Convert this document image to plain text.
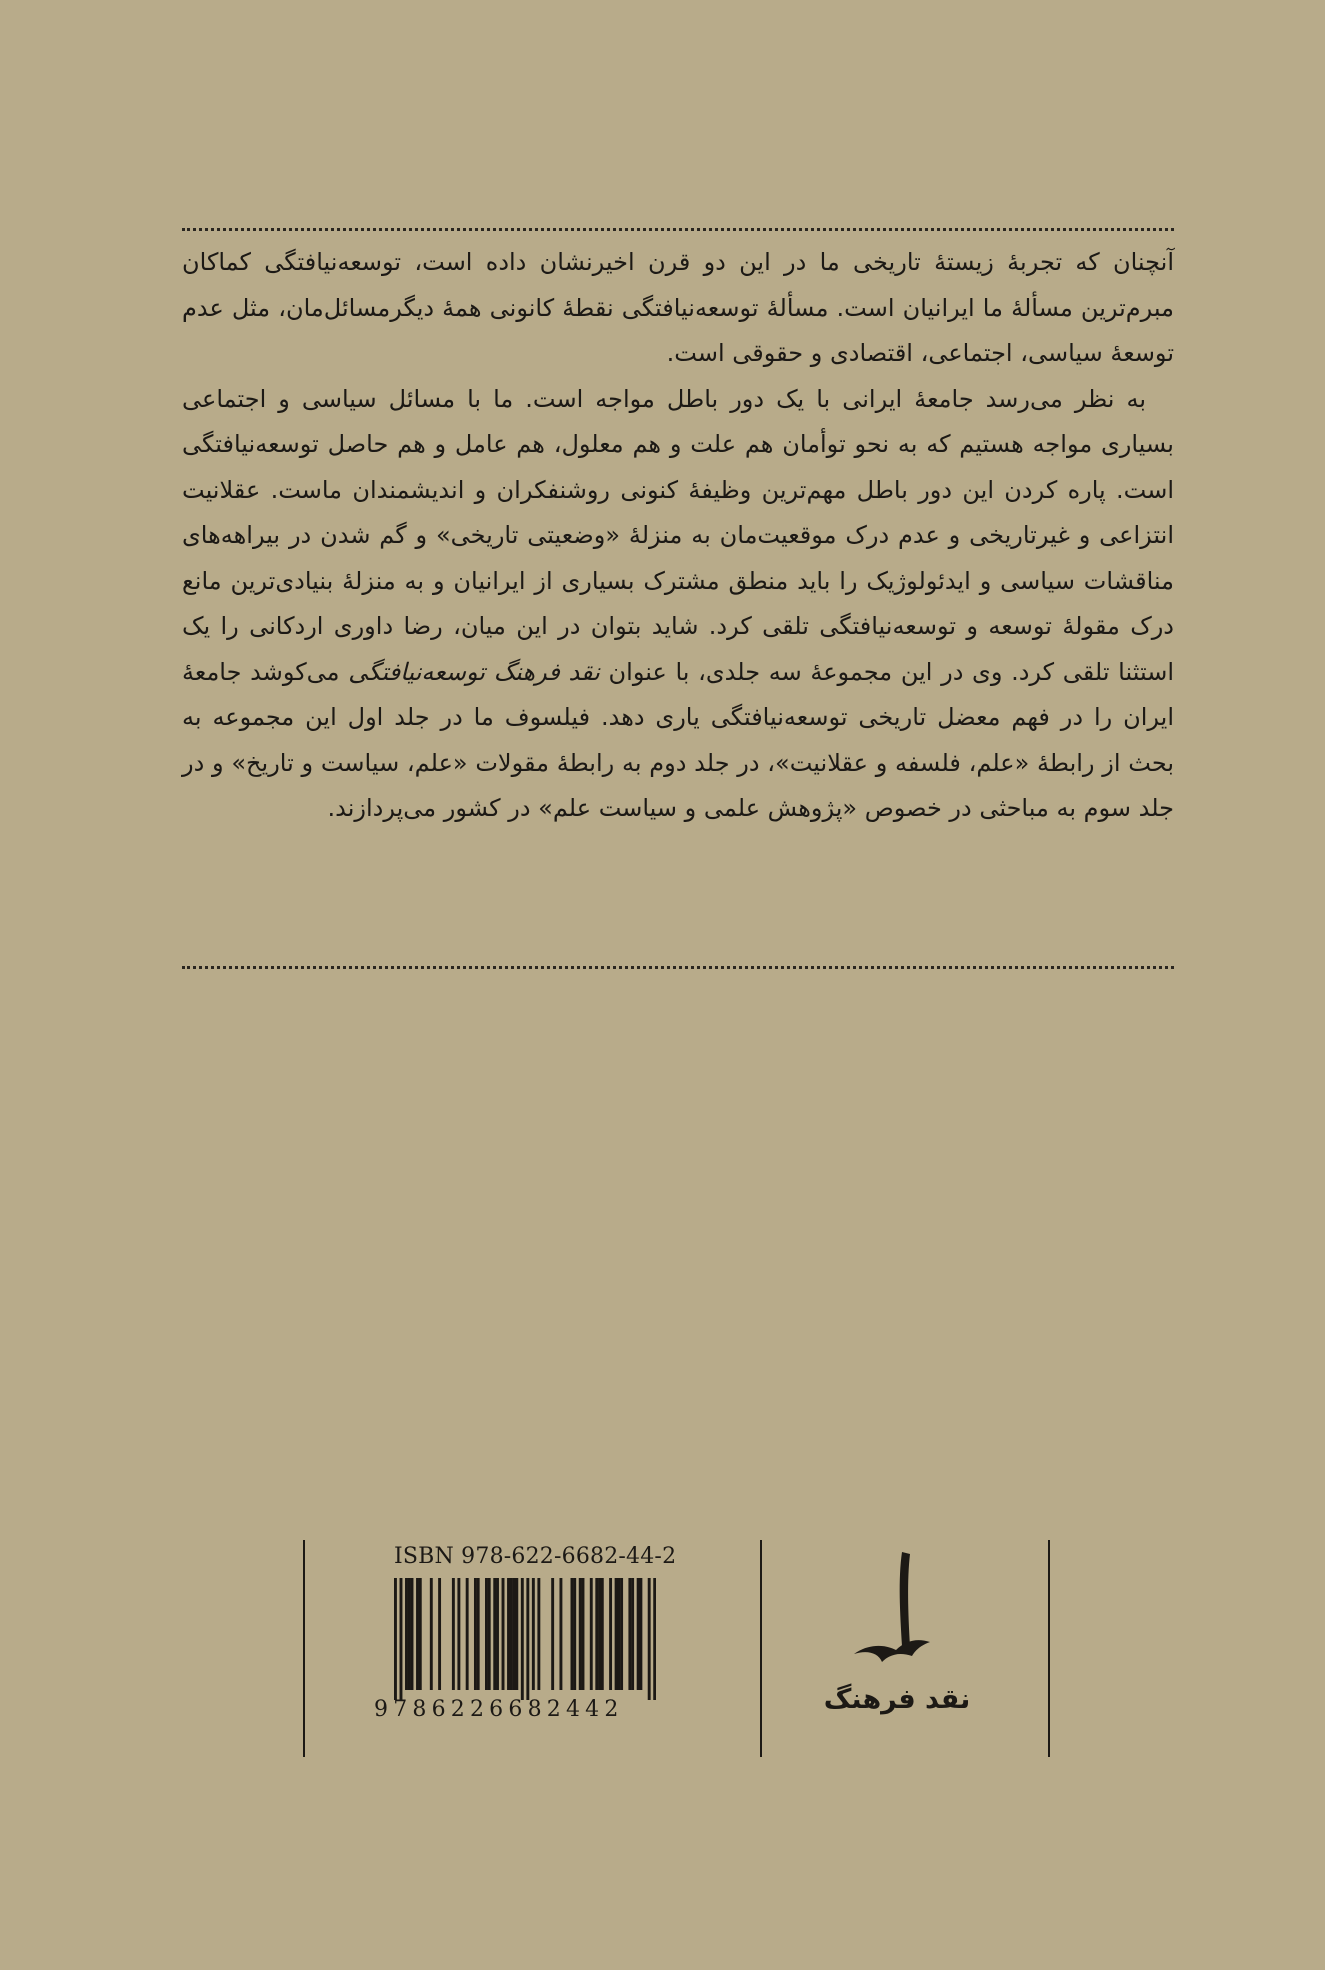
آنچنان که تجربهٔ زیستهٔ تاریخی ما در این دو قرن اخیرنشان داده است، توسعه‌نیافتگی کماکان مبرم‌ترین مسألهٔ ما ایرانیان است. مسألهٔ توسعه‌نیافتگی نقطهٔ کانونی همهٔ دیگرمسائل‌مان، مثل عدم توسعهٔ سیاسی، اجتماعی، اقتصادی و حقوقی است.

به نظر می‌رسد جامعهٔ ایرانی با یک دور باطل مواجه است. ما با مسائل سیاسی و اجتماعی بسیاری مواجه هستیم که به نحو توأمان هم علت و هم معلول، هم عامل و هم حاصل توسعه‌نیافتگی است. پاره کردن این دور باطل مهم‌ترین وظیفهٔ کنونی روشنفکران و اندیشمندان ماست. عقلانیت انتزاعی و غیرتاریخی و عدم درک موقعیت‌مان به منزلهٔ «وضعیتی تاریخی» و گم شدن در بیراهه‌های مناقشات سیاسی و ایدئولوژیک را باید منطق مشترک بسیاری از ایرانیان و به منزلهٔ بنیادی‌ترین مانع درک مقولهٔ توسعه و توسعه‌نیافتگی تلقی کرد. شاید بتوان در این میان، رضا داوری اردکانی را یک استثنا تلقی کرد. وی در این مجموعهٔ سه جلدی، با عنوان نقد فرهنگ توسعه‌نیافتگی می‌کوشد جامعهٔ ایران را در فهم معضل تاریخی توسعه‌نیافتگی یاری دهد. فیلسوف ما در جلد اول این مجموعه به بحث از رابطهٔ «علم، فلسفه و عقلانیت»، در جلد دوم به رابطهٔ مقولات «علم، سیاست و تاریخ» و در جلد سوم به مباحثی در خصوص «پژوهش علمی و سیاست علم» در کشور می‌پردازند.

ISBN 978-622-6682-44-2
9786226682442	نقد فرهنگ
